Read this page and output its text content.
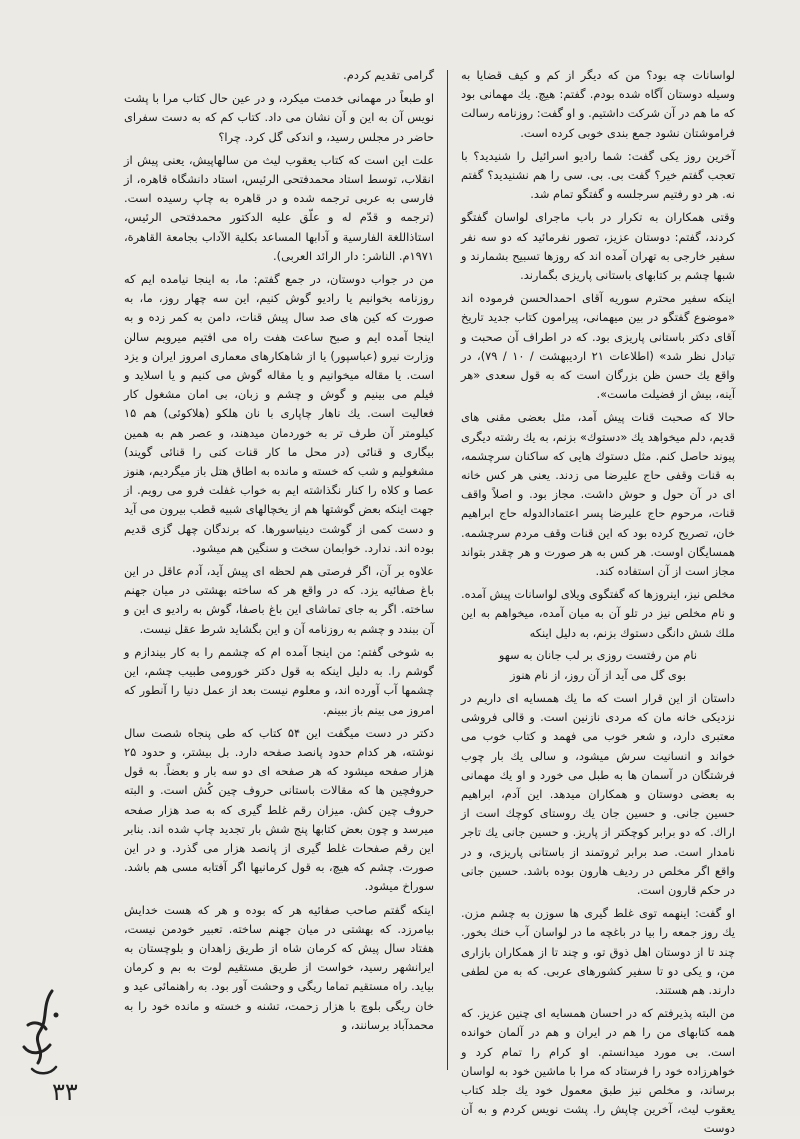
لواسانات چه بود؟ من که دیگر از کم و کیف قضایا به وسیله دوستان آگاه شده بودم. گفتم: هیچ. یك مهمانی بود که ما هم در آن شرکت داشتیم. و او گفت: روزنامه رسالت فراموشتان نشود جمع بندی خوبی کرده است.

آخرین روز یکی گفت: شما رادیو اسرائیل را شنیدید؟ با تعجب گفتم خیر؟ گفت بی. بی. سی را هم نشنیدید؟ گفتم نه. هر دو رفتیم سرجلسه و گفتگو تمام شد.

وقتی همکاران به تکرار در باب ماجرای لواسان گفتگو کردند، گفتم: دوستان عزیز، تصور نفرمائید که دو سه نفر سفیر خارجی به تهران آمده اند که روزها تسبیح بشمارند و شبها چشم بر کتابهای باستانی پاریزی بگمارند.

اینکه سفیر محترم سوریه آقای احمدالحسن فرموده اند «موضوع گفتگو در بین میهمانی، پیرامون کتاب جدید تاریخ آقای دکتر باستانی پاریزی بود. که در اطراف آن صحبت و تبادل نظر شد» (اطلاعات ۲۱ اردیبهشت / ۱۰ / ۷۹)، در واقع یك حسن ظن بزرگان است که به قول سعدی «هر آینه، بیش از فضیلت ماست».

حالا که صحبت قنات پیش آمد، مثل بعضی مقنی های قدیم، دلم میخواهد یك «دستوك» بزنم، به یك رشته دیگری پیوند حاصل کنم. مثل دستوك هایی که ساکنان سرچشمه، به قنات وقفی حاج علیرضا می زدند. یعنی هر کس خانه ای در آن حول و حوش داشت. مجاز بود. و اصلاً واقف قنات، مرحوم حاج علیرضا پسر اعتمادالدوله حاج ابراهیم خان، تصریح کرده بود که این قنات وقف مردم سرچشمه. همسایگان اوست. هر کس به هر صورت و هر چقدر بتواند مجاز است از آن استفاده کند.

مخلص نیز، اینروزها که گفتگوی ویلای لواسانات پیش آمده. و نام مخلص نیز در تلو آن به میان آمده، میخواهم به این ملك شش دانگی دستوك بزنم، به دلیل اینکه

نام من رفتست روزی بر لب جانان به سهو
بوی گل می آید از آن روز، از نام هنوز

داستان از این قرار است که ما یك همسایه ای داریم در نزدیکی خانه مان که مردی نازنین است. و قالی فروشی معتبری دارد، و شعر خوب می فهمد و کتاب خوب می خواند و انسانیت سرش میشود، و سالی یك بار چوب فرشتگان در آسمان ها به طبل می خورد و او یك مهمانی به بعضی دوستان و همکاران میدهد. این آدم، ابراهیم حسین جانی. و حسین جان یك روستای کوچك است از اراك. که دو برابر کوچکتر از پاریز. و حسین جانی یك تاجر نامدار است. صد برابر ثروتمند از باستانی پاریزی، و در واقع اگر مخلص در ردیف هارون بوده باشد. حسین جانی در حکم قارون است.

او گفت: اینهمه توی غلط گیری ها سوزن به چشم مزن. یك روز جمعه را بیا در باغچه ما در لواسان آب خنك بخور. چند تا از دوستان اهل ذوق تو، و چند تا از همکاران بازاری من، و یکی دو تا سفیر کشورهای عربی. که به من لطفی دارند. هم هستند.

من البته پذیرفتم که در احسان همسایه ای چنین عزیز. که همه کتابهای من را هم در ایران و هم در آلمان خوانده است. بی مورد میدانستم. او کرام را تمام کرد و خواهرزاده خود را فرستاد که مرا با ماشین خود به لواسان برساند، و مخلص نیز طبق معمول خود یك جلد کتاب یعقوب لیث، آخرین چاپش را. پشت نویس کردم و به آن دوست

گرامی تقدیم کردم.

او طبعاً در مهمانی خدمت میکرد، و در عین حال کتاب مرا با پشت نویس آن به این و آن نشان می داد. کتاب کم که به دست سفرای حاضر در مجلس رسید، و اندکی گل کرد. چرا؟

علت این است که کتاب یعقوب لیث من سالهاپیش، یعنی پیش از انقلاب، توسط استاد محمدفتحی الرئیس، استاد دانشگاه قاهره، از فارسی به عربی ترجمه شده و در قاهره به چاپ رسیده است. (ترجمه و قدّم له و علّق علیه الدکتور محمدفتحی الرئیس، استاذاللغة الفارسیة و آدابها المساعد بکلیة الآداب بجامعة القاهرة، ۱۹۷۱م. الناشر: دار الرائد العربی).

من در جواب دوستان، در جمع گفتم: ما، به اینجا نیامده ایم که روزنامه بخوانیم یا رادیو گوش کنیم، این سه چهار روز، ما، به صورت که کین های صد سال پیش قنات، دامن به کمر زده و به اینجا آمده ایم و صبح ساعت هفت راه می افتیم میرویم سالن وزارت نیرو (عباسپور) یا از شاهکارهای معماری امروز ایران و یزد است. یا مقاله میخوانیم و یا مقاله گوش می کنیم و یا اسلاید و فیلم می بینیم و گوش و چشم و زبان، بی امان مشغول کار فعالیت است. یك ناهار چاپاری با نان هلکو (هلاکوئی) هم ۱۵ کیلومتر آن طرف تر به خوردمان میدهند، و عصر هم به همین بیگاری و قنائی (در محل ما کار قنات کنی را قنائی گویند) مشغولیم و شب که خسته و مانده به اطاق هتل باز میگردیم، هنوز عصا و کلاه را کنار نگذاشته ایم به خواب غفلت فرو می رویم. از جهت اینکه بعض گوشتها هم از یخچالهای شبیه قطب بیرون می آید و دست کمی از گوشت دینیاسورها. که برندگان چهل گزی قدیم بوده اند. ندارد. خوابمان سخت و سنگین هم میشود.

علاوه بر آن، اگر فرصتی هم لحظه ای پیش آید، آدم عاقل در این باغ صفائیه یزد. که در واقع هر که ساخته بهشتی در میان جهنم ساخته. اگر به جای تماشای این باغ باصفا، گوش به رادیو ی این و آن ببندد و چشم به روزنامه آن و این بگشاید شرط عقل نیست.

به شوخی گفتم: من اینجا آمده ام که چشمم را به کار بیندازم و گوشم را. به دلیل اینکه به قول دکتر خورومی طبیب چشم، این چشمها آب آورده اند، و معلوم نیست بعد از عمل دنیا را آنطور که امروز می بینم باز ببینم.

دکتر در دست میگفت این ۵۴ کتاب که طی پنجاه شصت سال نوشته، هر کدام حدود پانصد صفحه دارد. بل بیشتر، و حدود ۲۵ هزار صفحه میشود که هر صفحه ای دو سه بار و بعضاً. به قول حروفچین ها که مقالات باستانی حروف چین کُش است. و البته حروف چین کش. میزان رقم غلط گیری که به صد هزار صفحه میرسد و چون بعض کتابها پنج شش بار تجدید چاپ شده اند. بنابر این رقم صفحات غلط گیری از پانصد هزار می گذرد. و در این صورت. چشم که هیچ، به قول کرمانیها اگر آفتابه مسی هم باشد. سوراخ میشود.

اینکه گفتم صاحب صفائیه هر که بوده و هر که هست خدایش بیامرزد. که بهشتی در میان جهنم ساخته. تعبیر خودمن نیست، هفتاد سال پیش که کرمان شاه از طریق زاهدان و بلوچستان به ایرانشهر رسید، خواست از طریق مستقیم لوت به بم و کرمان بیاید. راه مستقیم تماما ریگی و وحشت آور بود. به راهنمائی عید و خان ریگی بلوچ با هزار زحمت، تشنه و خسته و مانده خود را به محمدآباد برسانند، و

۳۳
